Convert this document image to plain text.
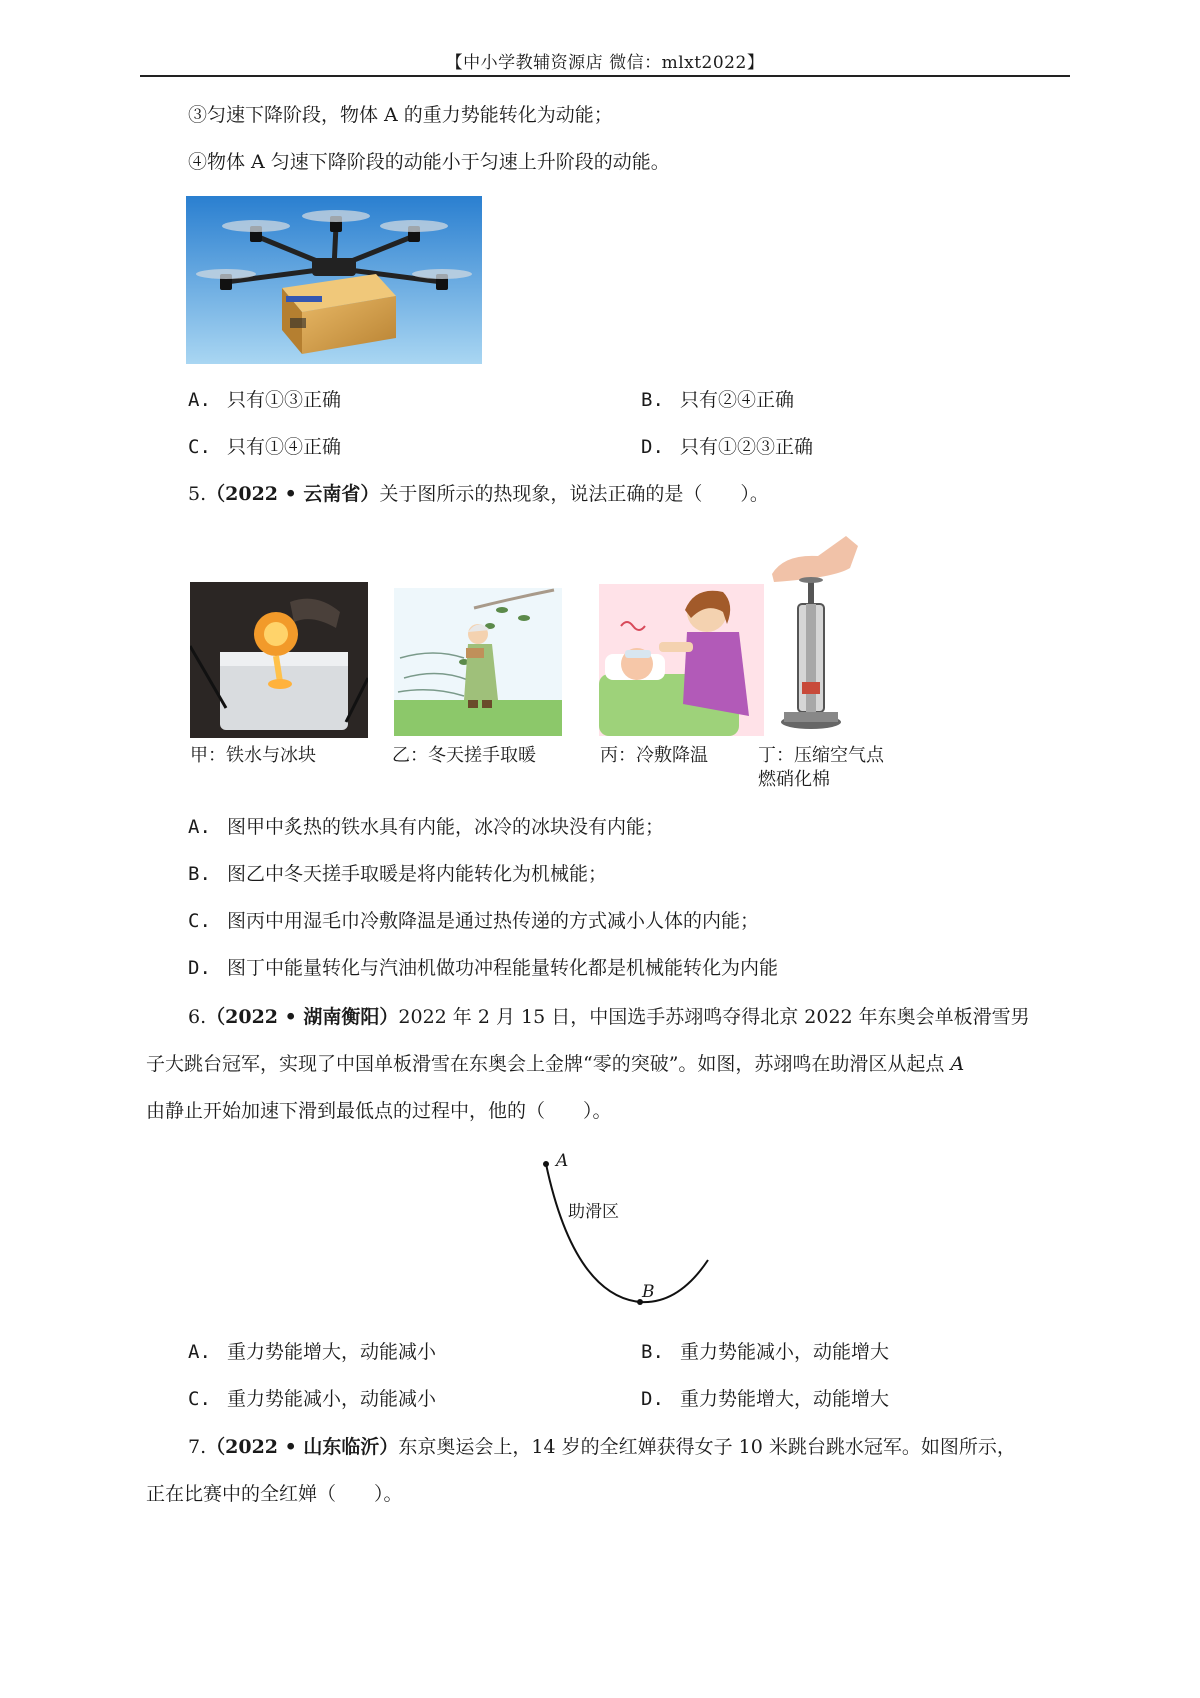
【中小学教辅资源店 微信：mlxt2022】
③匀速下降阶段，物体 A 的重力势能转化为动能；
④物体 A 匀速下降阶段的动能小于匀速上升阶段的动能。
A. 只有①③正确	B. 只有②④正确
C. 只有①④正确	D. 只有①②③正确
5.（2022 • 云南省）关于图所示的热现象，说法正确的是（　　）。
甲：铁水与冰块	乙：冬天搓手取暖	丙：冷敷降温	丁：压缩空气点
燃硝化棉
A. 图甲中炙热的铁水具有内能，冰冷的冰块没有内能；
B. 图乙中冬天搓手取暖是将内能转化为机械能；
C. 图丙中用湿毛巾冷敷降温是通过热传递的方式减小人体的内能；
D. 图丁中能量转化与汽油机做功冲程能量转化都是机械能转化为内能
6.（2022 • 湖南衡阳）2022 年 2 月 15 日，中国选手苏翊鸣夺得北京 2022 年东奥会单板滑雪男
子大跳台冠军，实现了中国单板滑雪在东奥会上金牌“零的突破”。如图，苏翊鸣在助滑区从起点 A
由静止开始加速下滑到最低点的过程中，他的（　　）。
A
B
助滑区
A. 重力势能增大，动能减小	B. 重力势能减小，动能增大
C. 重力势能减小，动能减小	D. 重力势能增大，动能增大
7.（2022 • 山东临沂）东京奥运会上，14 岁的全红婵获得女子 10 米跳台跳水冠军。如图所示，
正在比赛中的全红婵（　　）。
